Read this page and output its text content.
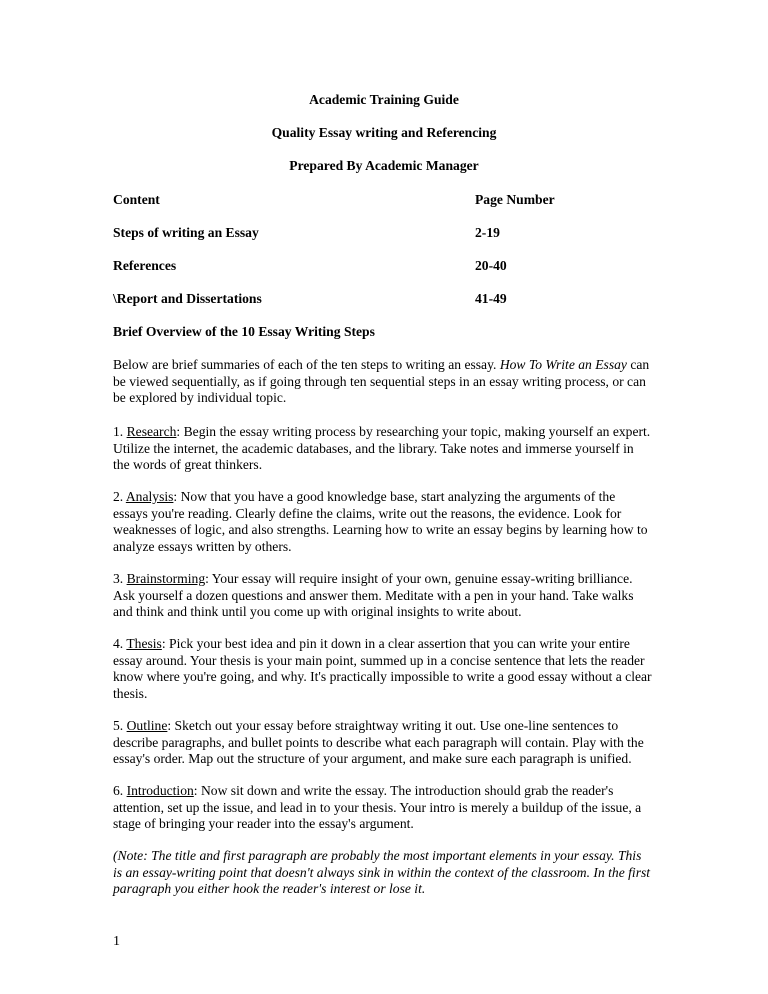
Academic Training Guide
Quality Essay writing and Referencing
Prepared By Academic Manager
Content	Page Number
Steps of writing an Essay	2-19
References	20-40
\Report and Dissertations	41-49
Brief Overview of the 10 Essay Writing Steps

Below are brief summaries of each of the ten steps to writing an essay. How To Write an Essay can be viewed sequentially, as if going through ten sequential steps in an essay writing process, or can be explored by individual topic.

1. Research: Begin the essay writing process by researching your topic, making yourself an expert. Utilize the internet, the academic databases, and the library. Take notes and immerse yourself in the words of great thinkers.

2. Analysis: Now that you have a good knowledge base, start analyzing the arguments of the essays you're reading. Clearly define the claims, write out the reasons, the evidence. Look for weaknesses of logic, and also strengths. Learning how to write an essay begins by learning how to analyze essays written by others.

3. Brainstorming: Your essay will require insight of your own, genuine essay-writing brilliance. Ask yourself a dozen questions and answer them. Meditate with a pen in your hand. Take walks and think and think until you come up with original insights to write about.

4. Thesis: Pick your best idea and pin it down in a clear assertion that you can write your entire essay around. Your thesis is your main point, summed up in a concise sentence that lets the reader know where you're going, and why. It's practically impossible to write a good essay without a clear thesis.

5. Outline: Sketch out your essay before straightway writing it out. Use one-line sentences to describe paragraphs, and bullet points to describe what each paragraph will contain. Play with the essay's order. Map out the structure of your argument, and make sure each paragraph is unified.

6. Introduction: Now sit down and write the essay. The introduction should grab the reader's attention, set up the issue, and lead in to your thesis. Your intro is merely a buildup of the issue, a stage of bringing your reader into the essay's argument.

(Note: The title and first paragraph are probably the most important elements in your essay. This is an essay-writing point that doesn't always sink in within the context of the classroom. In the first paragraph you either hook the reader's interest or lose it.

1
